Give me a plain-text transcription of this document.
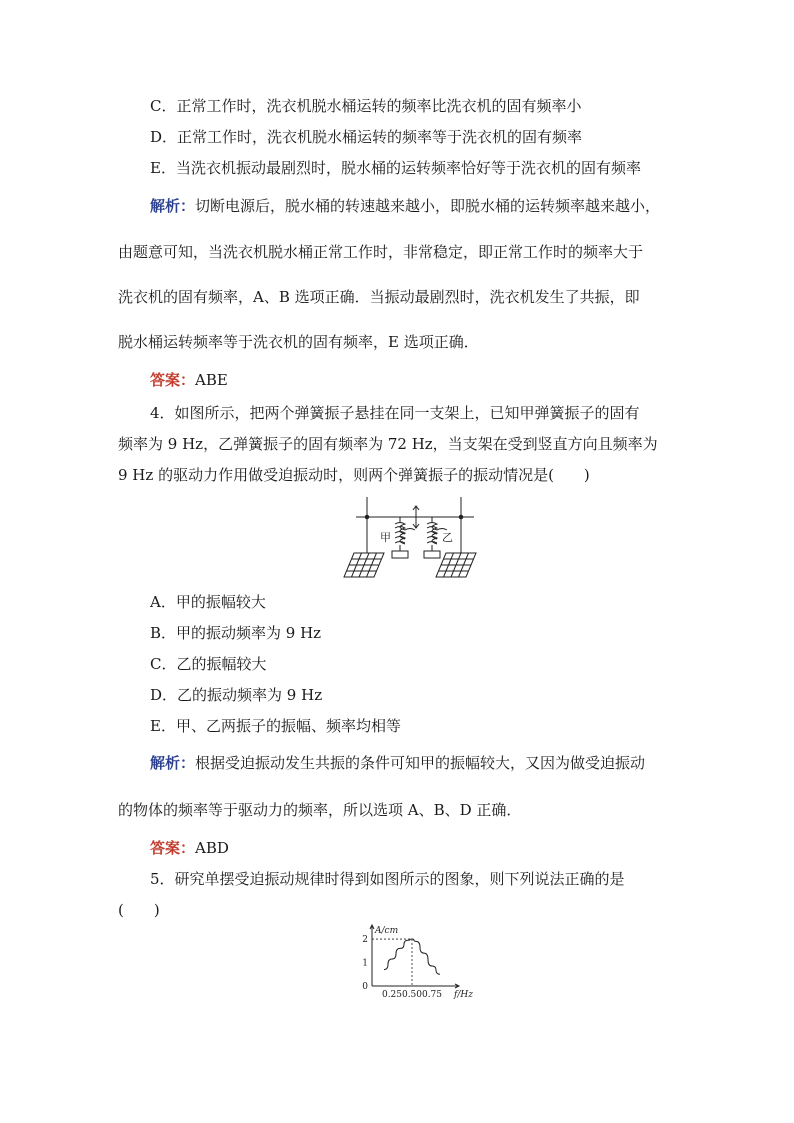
C．正常工作时，洗衣机脱水桶运转的频率比洗衣机的固有频率小
D．正常工作时，洗衣机脱水桶运转的频率等于洗衣机的固有频率
E．当洗衣机振动最剧烈时，脱水桶的运转频率恰好等于洗衣机的固有频率
解析：切断电源后，脱水桶的转速越来越小，即脱水桶的运转频率越来越小，
由题意可知，当洗衣机脱水桶正常工作时，非常稳定，即正常工作时的频率大于
洗衣机的固有频率，A、B 选项正确．当振动最剧烈时，洗衣机发生了共振，即
脱水桶运转频率等于洗衣机的固有频率，E 选项正确．
答案：ABE
4．如图所示，把两个弹簧振子悬挂在同一支架上，已知甲弹簧振子的固有
频率为 9 Hz，乙弹簧振子的固有频率为 72 Hz，当支架在受到竖直方向且频率为
9 Hz 的驱动力作用做受迫振动时，则两个弹簧振子的振动情况是(　　)
甲	乙
A．甲的振幅较大
B．甲的振动频率为 9 Hz
C．乙的振幅较大
D．乙的振动频率为 9 Hz
E．甲、乙两振子的振幅、频率均相等
解析：根据受迫振动发生共振的条件可知甲的振幅较大，又因为做受迫振动
的物体的频率等于驱动力的频率，所以选项 A、B、D 正确．
答案：ABD
5．研究单摆受迫振动规律时得到如图所示的图象，则下列说法正确的是
(　　)
0
1
2
0.25 0.50 0.75
A/cm
f/Hz
